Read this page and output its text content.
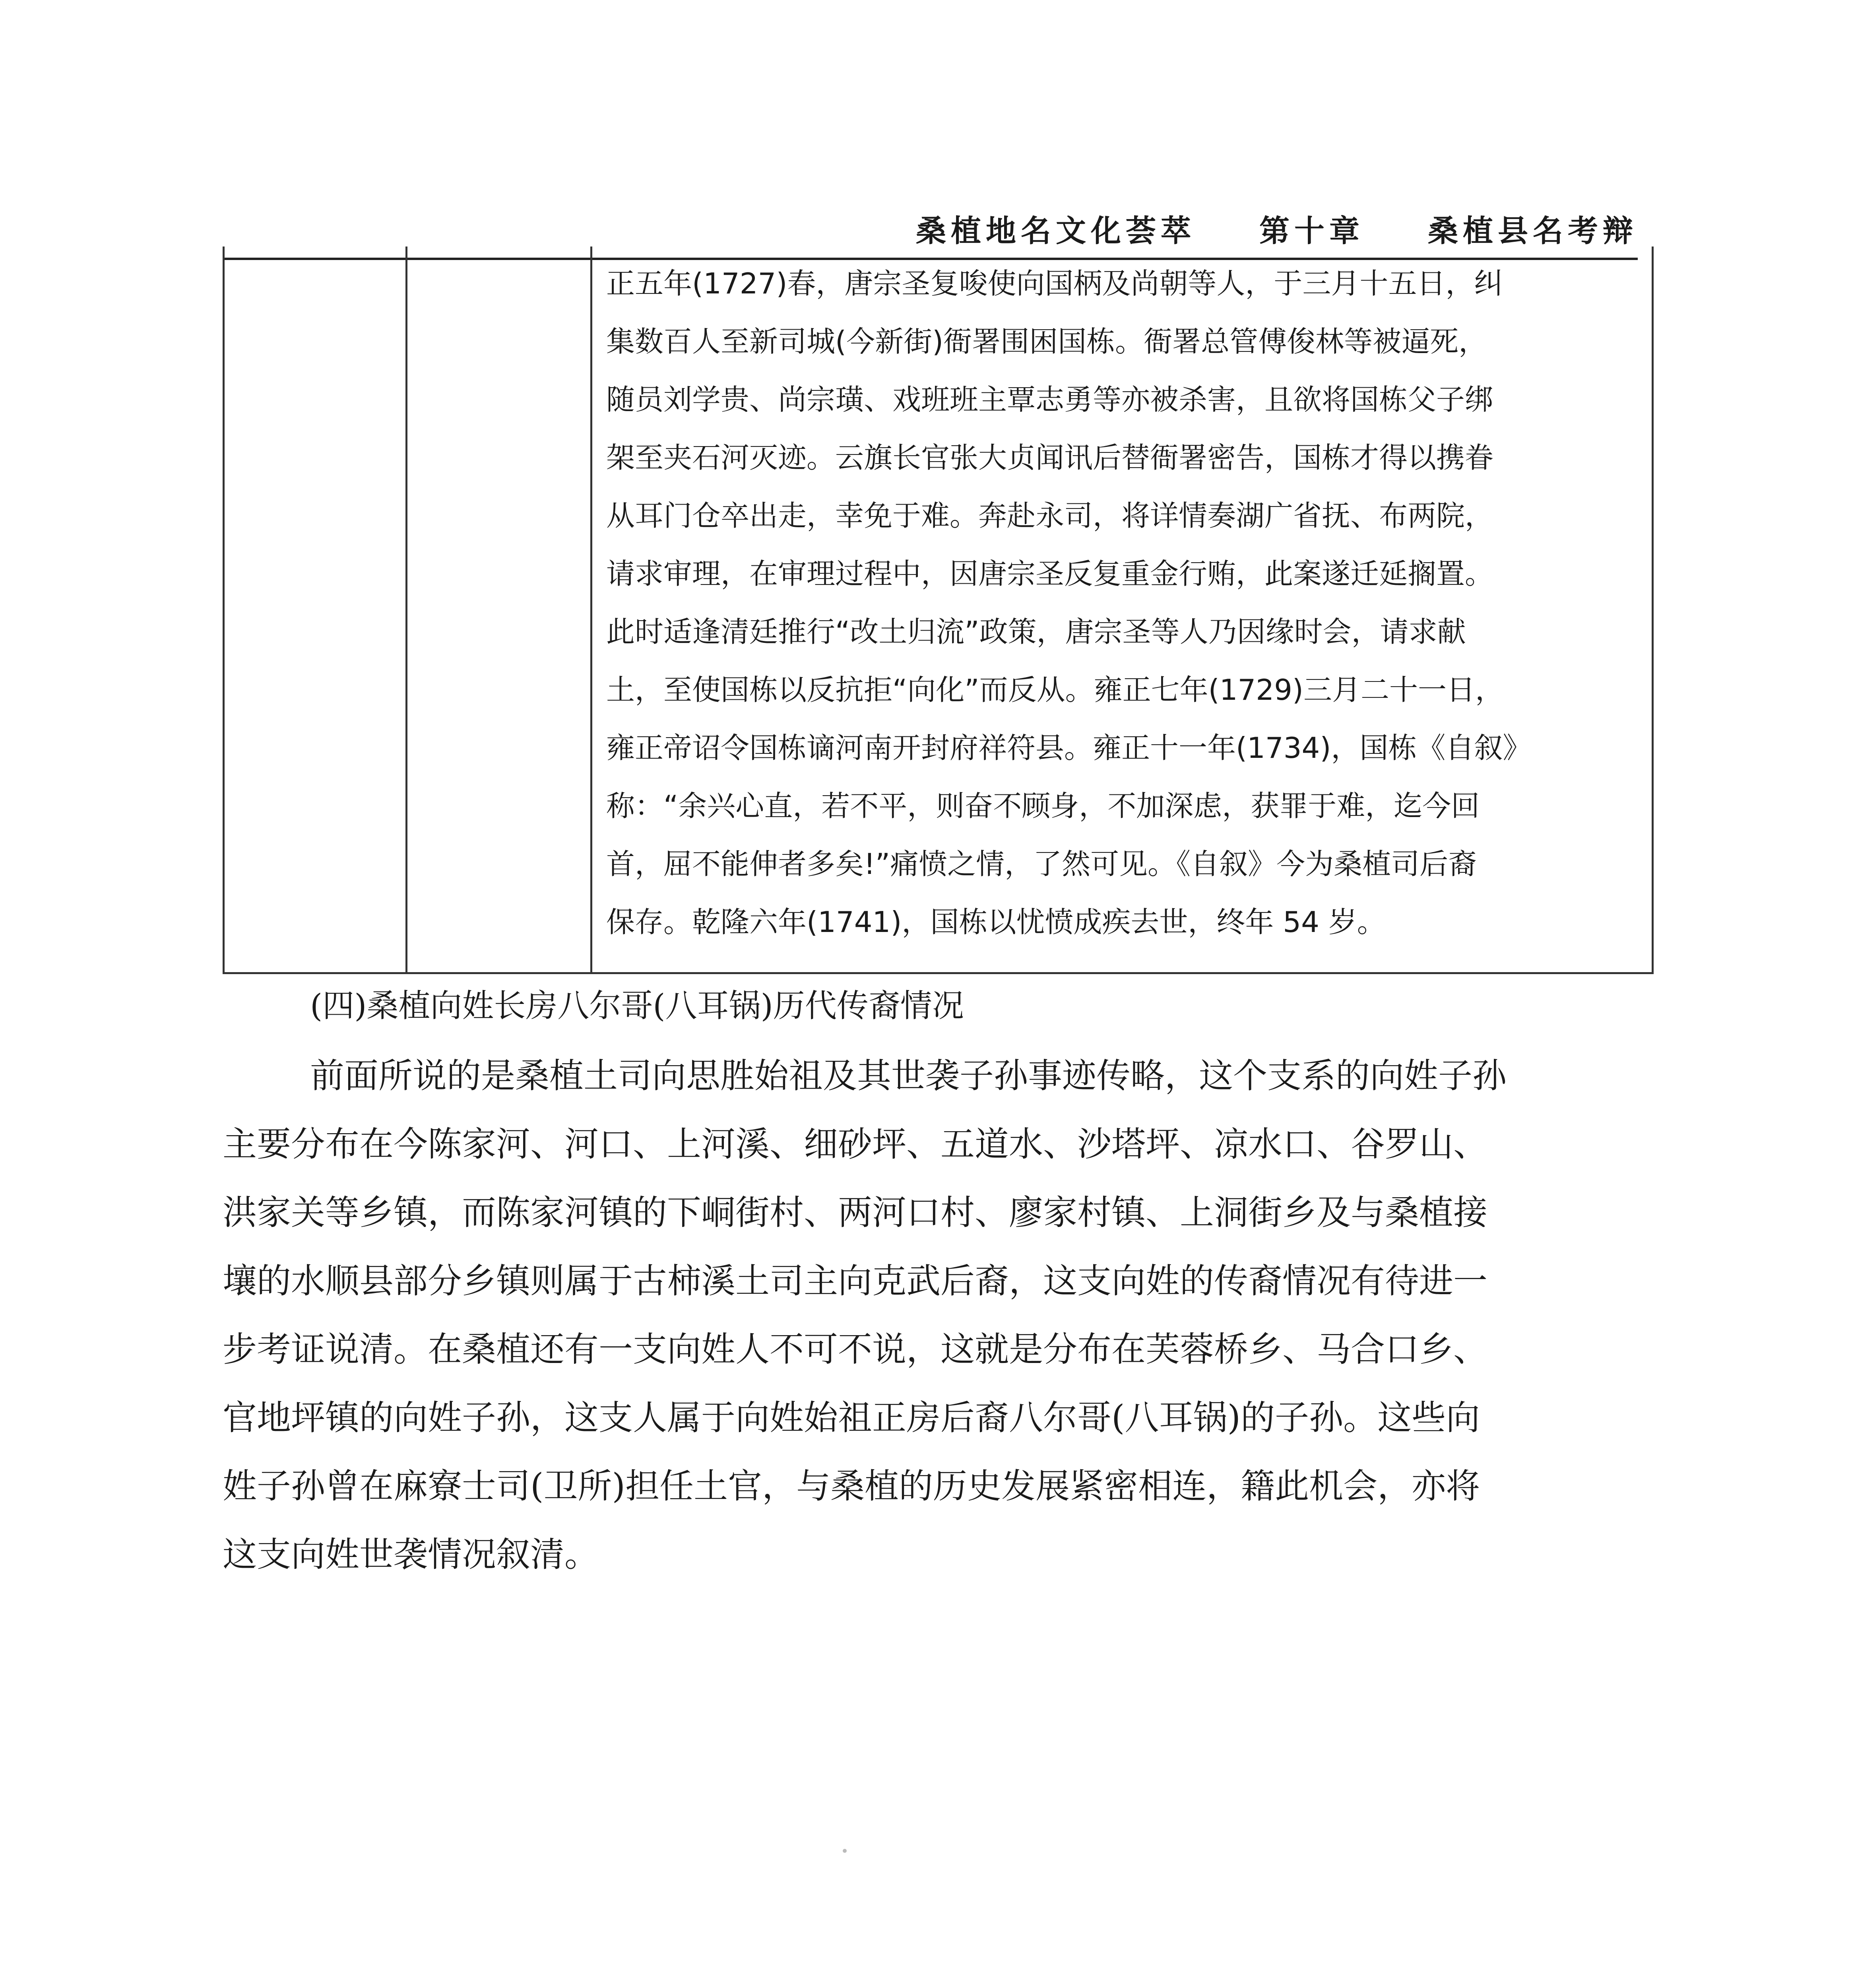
桑植地名文化荟萃 第十章 桑植县名考辩
正五年(1727)春，唐宗圣复唆使向国柄及尚朝等人，于三月十五日，纠
集数百人至新司城(今新街)衙署围困国栋。衙署总管傅俊林等被逼死，
随员刘学贵、尚宗璜、戏班班主覃志勇等亦被杀害，且欲将国栋父子绑
架至夹石河灭迹。云旗长官张大贞闻讯后替衙署密告，国栋才得以携眷
从耳门仓卒出走，幸免于难。奔赴永司，将详情奏湖广省抚、布两院，
请求审理，在审理过程中，因唐宗圣反复重金行贿，此案遂迁延搁置。
此时适逢清廷推行“改土归流”政策，唐宗圣等人乃因缘时会，请求献
土，至使国栋以反抗拒“向化”而反从。雍正七年(1729)三月二十一日，
雍正帝诏令国栋谪河南开封府祥符县。雍正十一年(1734)，国栋《自叙》
称：“余兴心直，若不平，则奋不顾身，不加深虑，获罪于难，迄今回
首，屈不能伸者多矣!”痛愤之情，了然可见。《自叙》今为桑植司后裔
保存。乾隆六年(1741)，国栋以忧愤成疾去世，终年 54 岁。
(四)桑植向姓长房八尔哥(八耳锅)历代传裔情况
前面所说的是桑植土司向思胜始祖及其世袭子孙事迹传略，这个支系的向姓子孙
主要分布在今陈家河、河口、上河溪、细砂坪、五道水、沙塔坪、凉水口、谷罗山、
洪家关等乡镇，而陈家河镇的下峒街村、两河口村、廖家村镇、上洞街乡及与桑植接
壤的水顺县部分乡镇则属于古柿溪土司主向克武后裔，这支向姓的传裔情况有待进一
步考证说清。在桑植还有一支向姓人不可不说，这就是分布在芙蓉桥乡、马合口乡、
官地坪镇的向姓子孙，这支人属于向姓始祖正房后裔八尔哥(八耳锅)的子孙。这些向
姓子孙曾在麻寮士司(卫所)担任土官，与桑植的历史发展紧密相连，籍此机会，亦将
这支向姓世袭情况叙清。
